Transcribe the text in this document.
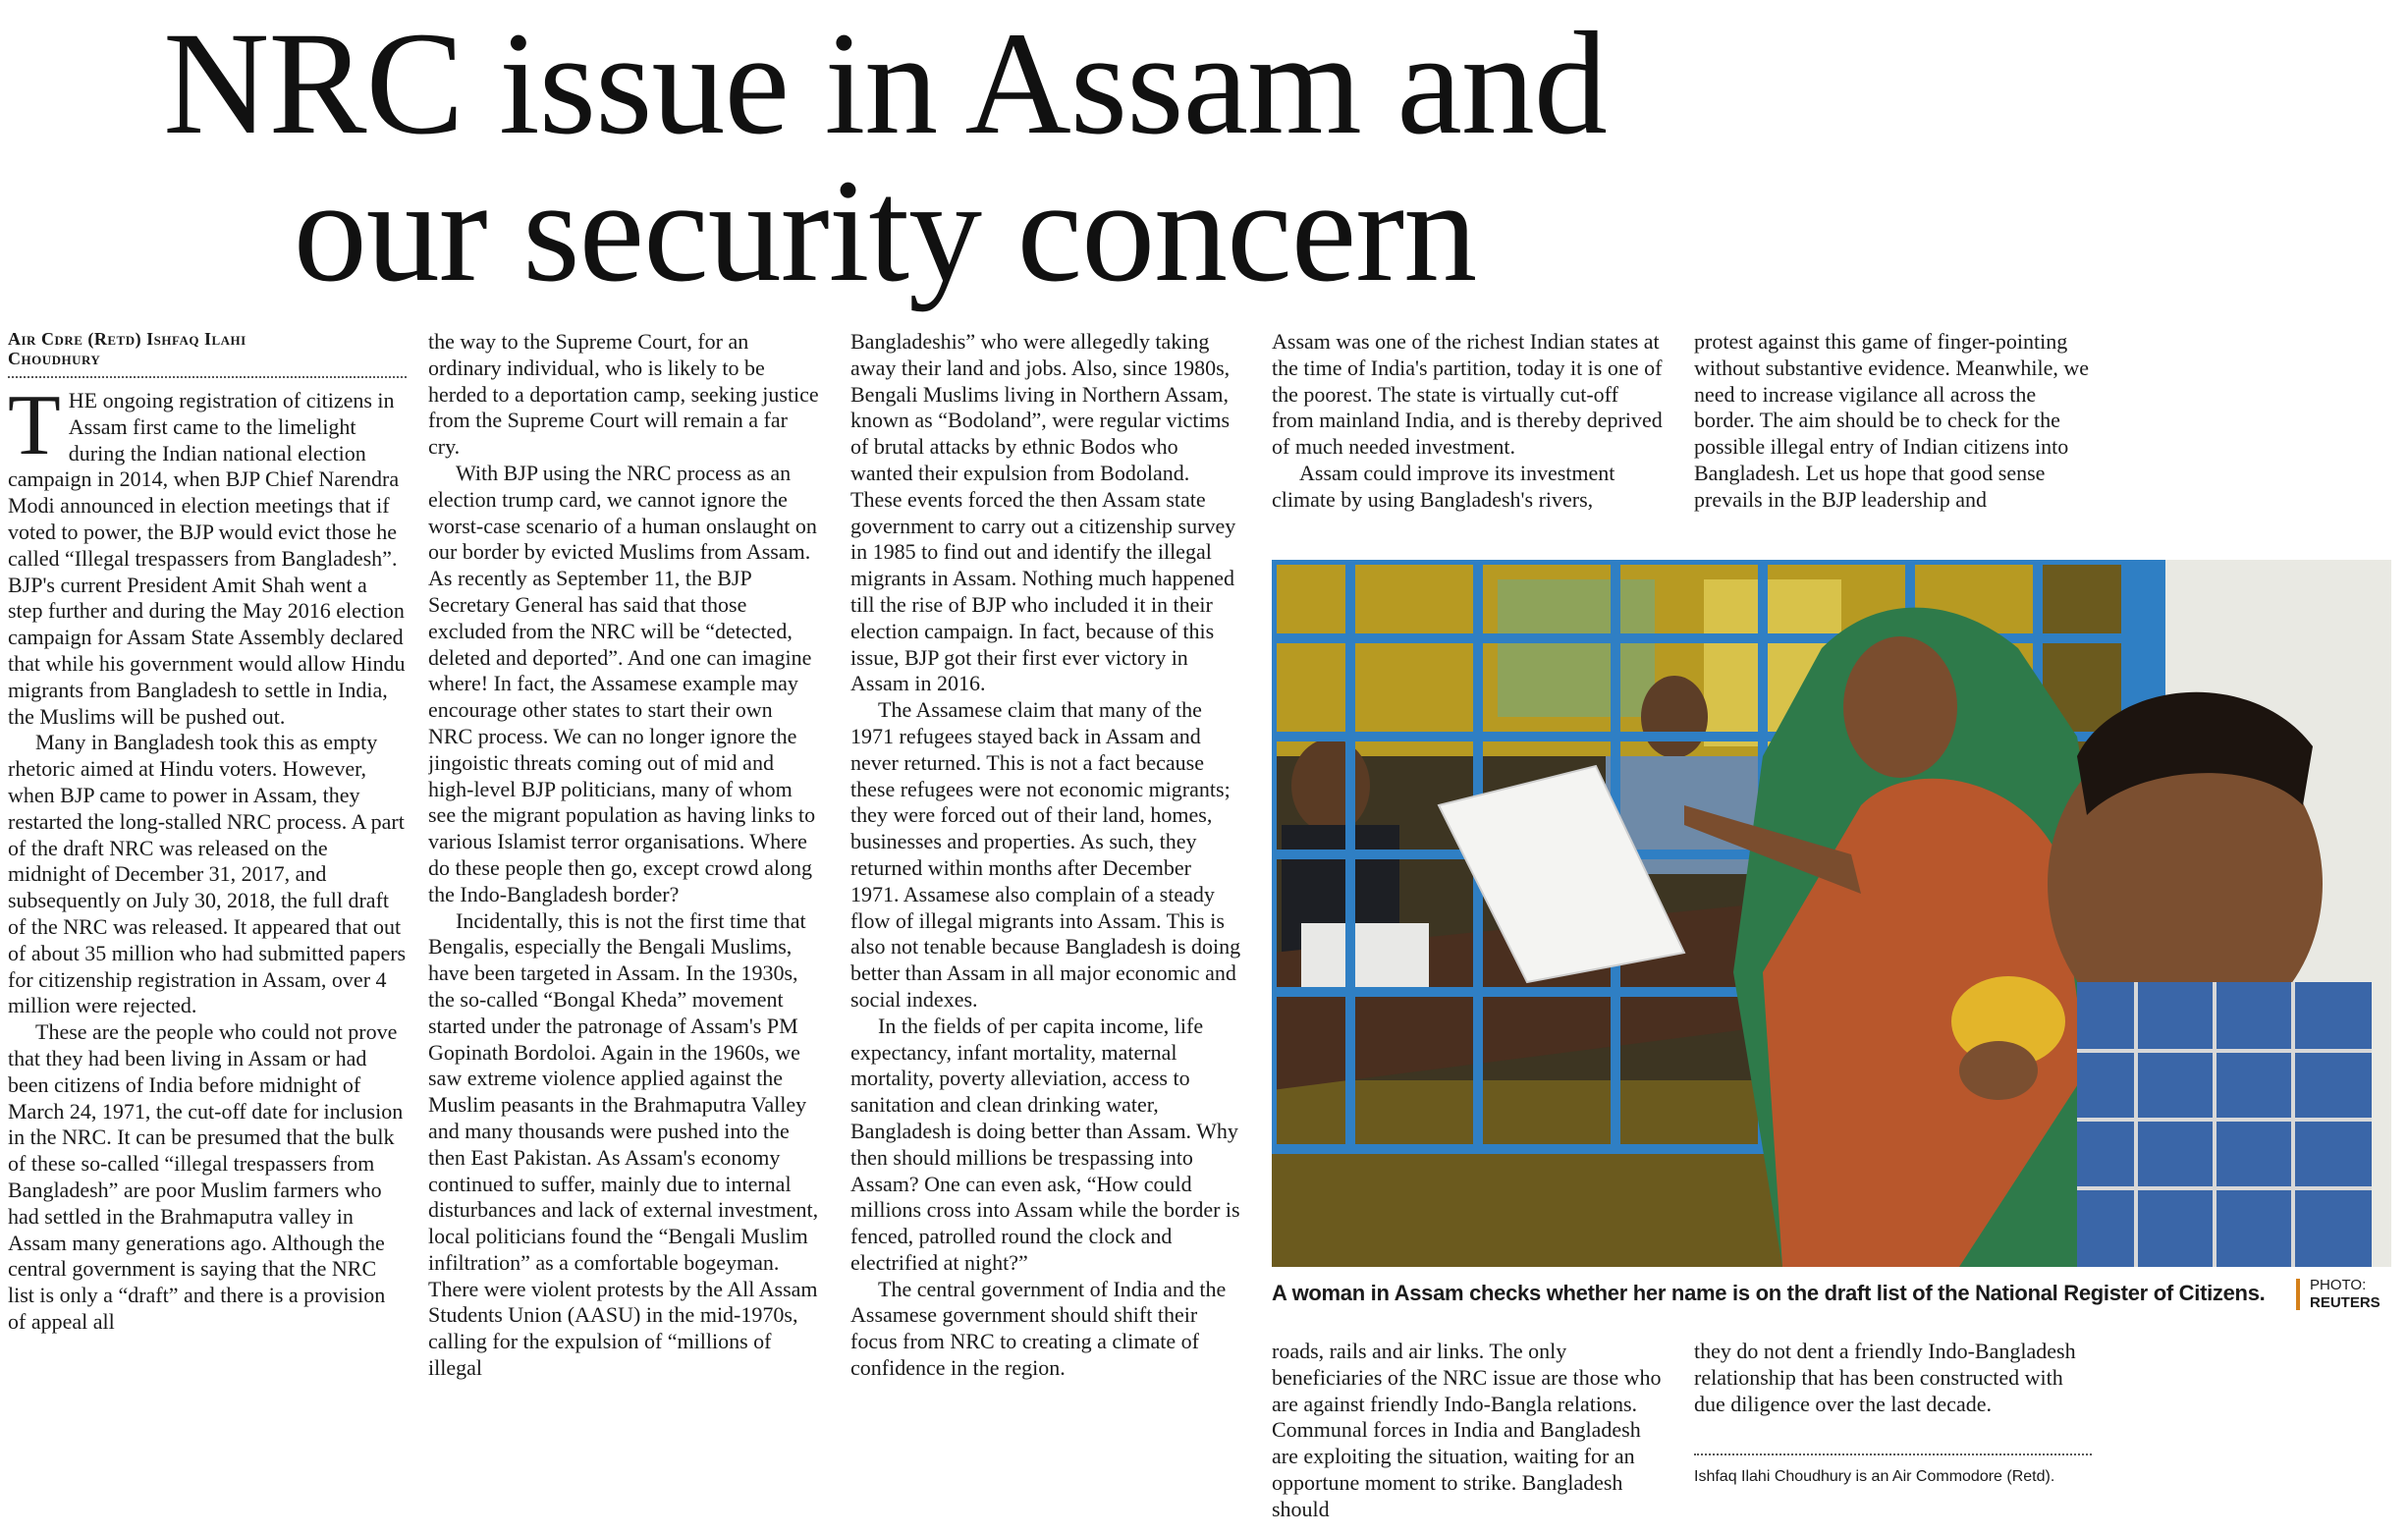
NRC issue in Assam and
our security concern
Air Cdre (Retd) Ishfaq Ilahi
Choudhury

THE ongoing registration of citizens in Assam first came to the limelight during the Indian national election campaign in 2014, when BJP Chief Narendra Modi announced in election meetings that if voted to power, the BJP would evict those he called “Illegal trespassers from Bangladesh”. BJP's current President Amit Shah went a step further and during the May 2016 election campaign for Assam State Assembly declared that while his government would allow Hindu migrants from Bangladesh to settle in India, the Muslims will be pushed out.

Many in Bangladesh took this as empty rhetoric aimed at Hindu voters. However, when BJP came to power in Assam, they restarted the long-stalled NRC process. A part of the draft NRC was released on the midnight of December 31, 2017, and subsequently on July 30, 2018, the full draft of the NRC was released. It appeared that out of about 35 million who had submitted papers for citizenship registration in Assam, over 4 million were rejected.

These are the people who could not prove that they had been living in Assam or had been citizens of India before midnight of March 24, 1971, the cut-off date for inclusion in the NRC. It can be presumed that the bulk of these so-called “illegal trespassers from Bangladesh” are poor Muslim farmers who had settled in the Brahmaputra valley in Assam many generations ago. Although the central government is saying that the NRC list is only a “draft” and there is a provision of appeal all

the way to the Supreme Court, for an ordinary individual, who is likely to be herded to a deportation camp, seeking justice from the Supreme Court will remain a far cry.

With BJP using the NRC process as an election trump card, we cannot ignore the worst-case scenario of a human onslaught on our border by evicted Muslims from Assam. As recently as September 11, the BJP Secretary General has said that those excluded from the NRC will be “detected, deleted and deported”. And one can imagine where! In fact, the Assamese example may encourage other states to start their own NRC process. We can no longer ignore the jingoistic threats coming out of mid and high-level BJP politicians, many of whom see the migrant population as having links to various Islamist terror organisations. Where do these people then go, except crowd along the Indo-Bangladesh border?

Incidentally, this is not the first time that Bengalis, especially the Bengali Muslims, have been targeted in Assam. In the 1930s, the so-called “Bongal Kheda” movement started under the patronage of Assam's PM Gopinath Bordoloi. Again in the 1960s, we saw extreme violence applied against the Muslim peasants in the Brahmaputra Valley and many thousands were pushed into the then East Pakistan. As Assam's economy continued to suffer, mainly due to internal disturbances and lack of external investment, local politicians found the “Bengali Muslim infiltration” as a comfortable bogeyman. There were violent protests by the All Assam Students Union (AASU) in the mid-1970s, calling for the expulsion of “millions of illegal

Bangladeshis” who were allegedly taking away their land and jobs. Also, since 1980s, Bengali Muslims living in Northern Assam, known as “Bodoland”, were regular victims of brutal attacks by ethnic Bodos who wanted their expulsion from Bodoland. These events forced the then Assam state government to carry out a citizenship survey in 1985 to find out and identify the illegal migrants in Assam. Nothing much happened till the rise of BJP who included it in their election campaign. In fact, because of this issue, BJP got their first ever victory in Assam in 2016.

The Assamese claim that many of the 1971 refugees stayed back in Assam and never returned. This is not a fact because these refugees were not economic migrants; they were forced out of their land, homes, businesses and properties. As such, they returned within months after December 1971. Assamese also complain of a steady flow of illegal migrants into Assam. This is also not tenable because Bangladesh is doing better than Assam in all major economic and social indexes.

In the fields of per capita income, life expectancy, infant mortality, maternal mortality, poverty alleviation, access to sanitation and clean drinking water, Bangladesh is doing better than Assam. Why then should millions be trespassing into Assam? One can even ask, “How could millions cross into Assam while the border is fenced, patrolled round the clock and electrified at night?”

The central government of India and the Assamese government should shift their focus from NRC to creating a climate of confidence in the region.

Assam was one of the richest Indian states at the time of India's partition, today it is one of the poorest. The state is virtually cut-off from mainland India, and is thereby deprived of much needed investment.

Assam could improve its investment climate by using Bangladesh's rivers,

protest against this game of finger-pointing without substantive evidence. Meanwhile, we need to increase vigilance all across the border. The aim should be to check for the possible illegal entry of Indian citizens into Bangladesh. Let us hope that good sense prevails in the BJP leadership and

A woman in Assam checks whether her name is on the draft list of the National Register of Citizens.	PHOTO:
REUTERS

roads, rails and air links. The only beneficiaries of the NRC issue are those who are against friendly Indo-Bangla relations. Communal forces in India and Bangladesh are exploiting the situation, waiting for an opportune moment to strike. Bangladesh should

they do not dent a friendly Indo-Bangladesh relationship that has been constructed with due diligence over the last decade.

Ishfaq Ilahi Choudhury is an Air Commodore (Retd).
